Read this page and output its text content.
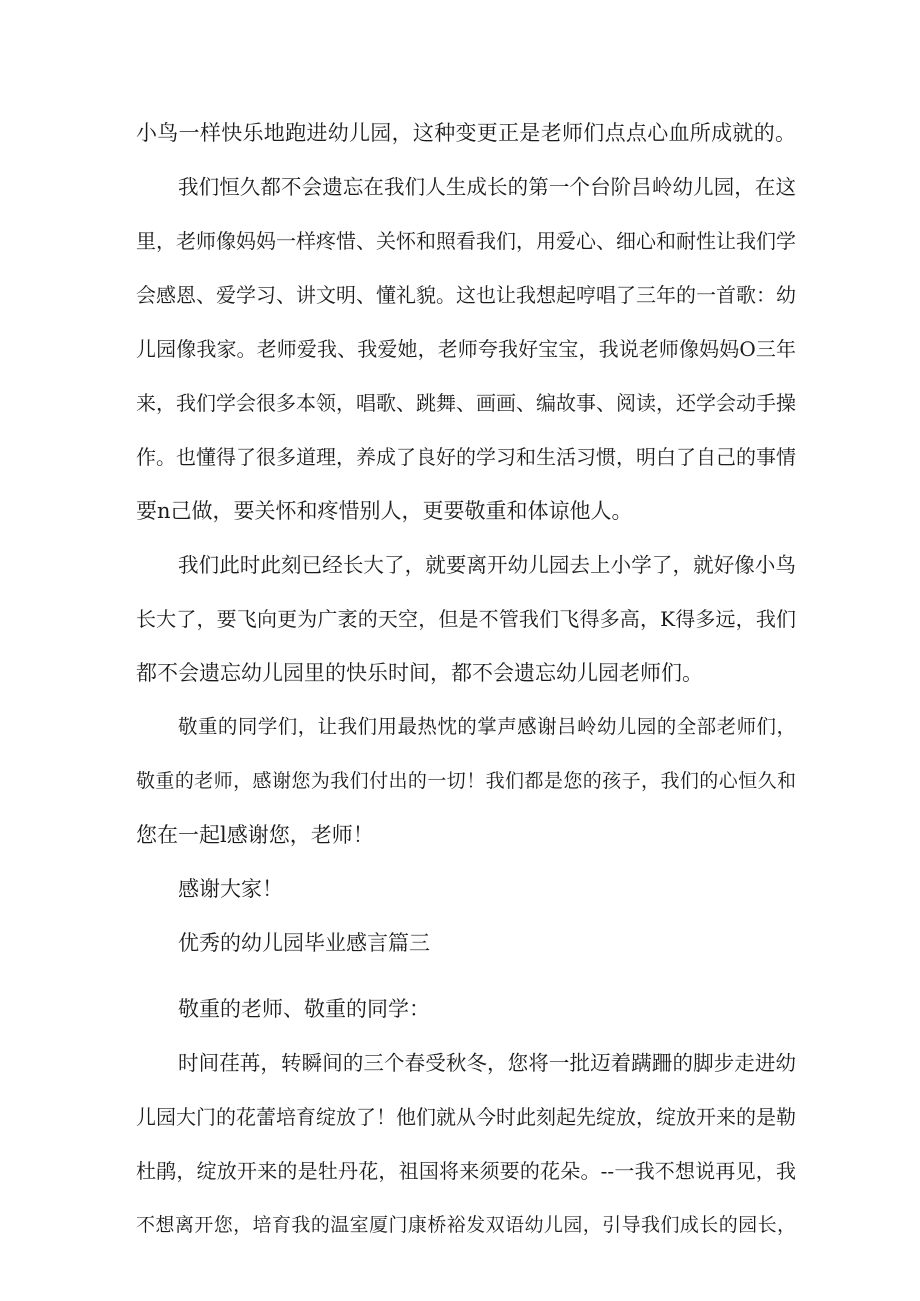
小鸟一样快乐地跑进幼儿园，这种变更正是老师们点点心血所成就的。
我们恒久都不会遗忘在我们人生成长的第一个台阶吕岭幼儿园，在这
里，老师像妈妈一样疼惜、关怀和照看我们，用爱心、细心和耐性让我们学
会感恩、爱学习、讲文明、懂礼貌。这也让我想起哼唱了三年的一首歌：幼
儿园像我家。老师爱我、我爱她，老师夸我好宝宝，我说老师像妈妈O三年
来，我们学会很多本领，唱歌、跳舞、画画、编故事、阅读，还学会动手操
作。也懂得了很多道理，养成了良好的学习和生活习惯，明白了自己的事情
要n己做，要关怀和疼惜别人，更要敬重和体谅他人。
我们此时此刻已经长大了，就要离开幼儿园去上小学了，就好像小鸟
长大了，要飞向更为广袤的天空，但是不管我们飞得多高，K得多远，我们
都不会遗忘幼儿园里的快乐时间，都不会遗忘幼儿园老师们。
敬重的同学们，让我们用最热忱的掌声感谢吕岭幼儿园的全部老师们，
敬重的老师，感谢您为我们付出的一切！我们都是您的孩子，我们的心恒久和
您在一起l感谢您，老师！
感谢大家！
优秀的幼儿园毕业感言篇三
敬重的老师、敬重的同学：
时间荏苒，转瞬间的三个春受秋冬，您将一批迈着蹒跚的脚步走进幼
儿园大门的花蕾培育绽放了！他们就从今时此刻起先绽放，绽放开来的是勒
杜鹃，绽放开来的是牡丹花，祖国将来须要的花朵。--一我不想说再见，我
不想离开您，培育我的温室厦门康桥裕发双语幼儿园，引导我们成长的园长，
